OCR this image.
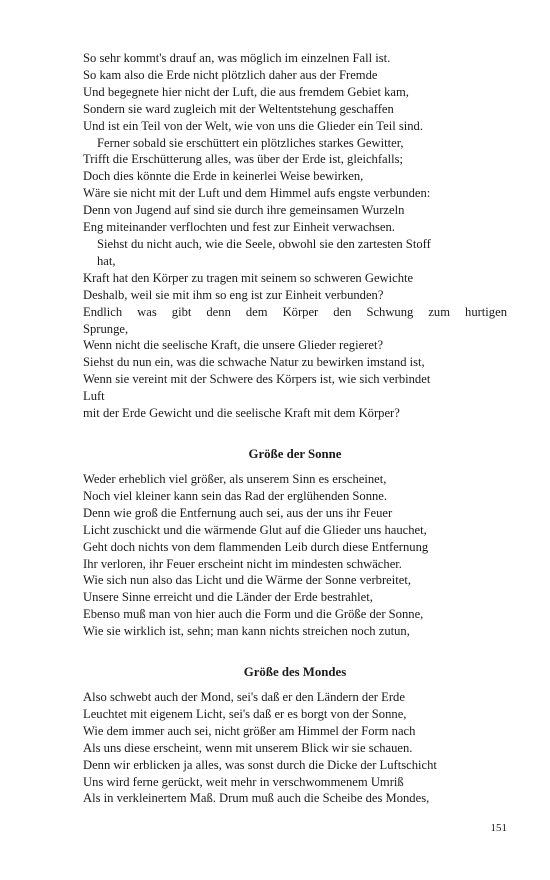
So sehr kommt's drauf an, was möglich im einzelnen Fall ist.
So kam also die Erde nicht plötzlich daher aus der Fremde
Und begegnete hier nicht der Luft, die aus fremdem Gebiet kam,
Sondern sie ward zugleich mit der Weltentstehung geschaffen
Und ist ein Teil von der Welt, wie von uns die Glieder ein Teil sind.
Ferner sobald sie erschüttert ein plötzliches starkes Gewitter,
Trifft die Erschütterung alles, was über der Erde ist, gleichfalls;
Doch dies könnte die Erde in keinerlei Weise bewirken,
Wäre sie nicht mit der Luft und dem Himmel aufs engste verbunden:
Denn von Jugend auf sind sie durch ihre gemeinsamen Wurzeln
Eng miteinander verflochten und fest zur Einheit verwachsen.
Siehst du nicht auch, wie die Seele, obwohl sie den zartesten Stoff
hat,
Kraft hat den Körper zu tragen mit seinem so schweren Gewichte
Deshalb, weil sie mit ihm so eng ist zur Einheit verbunden?
Endlich was gibt denn dem Körper den Schwung zum hurtigen
Sprunge,
Wenn nicht die seelische Kraft, die unsere Glieder regieret?
Siehst du nun ein, was die schwache Natur zu bewirken imstand ist,
Wenn sie vereint mit der Schwere des Körpers ist, wie sich verbindet
Luft
mit der Erde Gewicht und die seelische Kraft mit dem Körper?
Größe der Sonne
Weder erheblich viel größer, als unserem Sinn es erscheinet,
Noch viel kleiner kann sein das Rad der erglühenden Sonne.
Denn wie groß die Entfernung auch sei, aus der uns ihr Feuer
Licht zuschickt und die wärmende Glut auf die Glieder uns hauchet,
Geht doch nichts von dem flammenden Leib durch diese Entfernung
Ihr verloren, ihr Feuer erscheint nicht im mindesten schwächer.
Wie sich nun also das Licht und die Wärme der Sonne verbreitet,
Unsere Sinne erreicht und die Länder der Erde bestrahlet,
Ebenso muß man von hier auch die Form und die Größe der Sonne,
Wie sie wirklich ist, sehn; man kann nichts streichen noch zutun,
Größe des Mondes
Also schwebt auch der Mond, sei's daß er den Ländern der Erde
Leuchtet mit eigenem Licht, sei's daß er es borgt von der Sonne,
Wie dem immer auch sei, nicht größer am Himmel der Form nach
Als uns diese erscheint, wenn mit unserem Blick wir sie schauen.
Denn wir erblicken ja alles, was sonst durch die Dicke der Luftschicht
Uns wird ferne gerückt, weit mehr in verschwommenem Umriß
Als in verkleinertem Maß. Drum muß auch die Scheibe des Mondes,
151
